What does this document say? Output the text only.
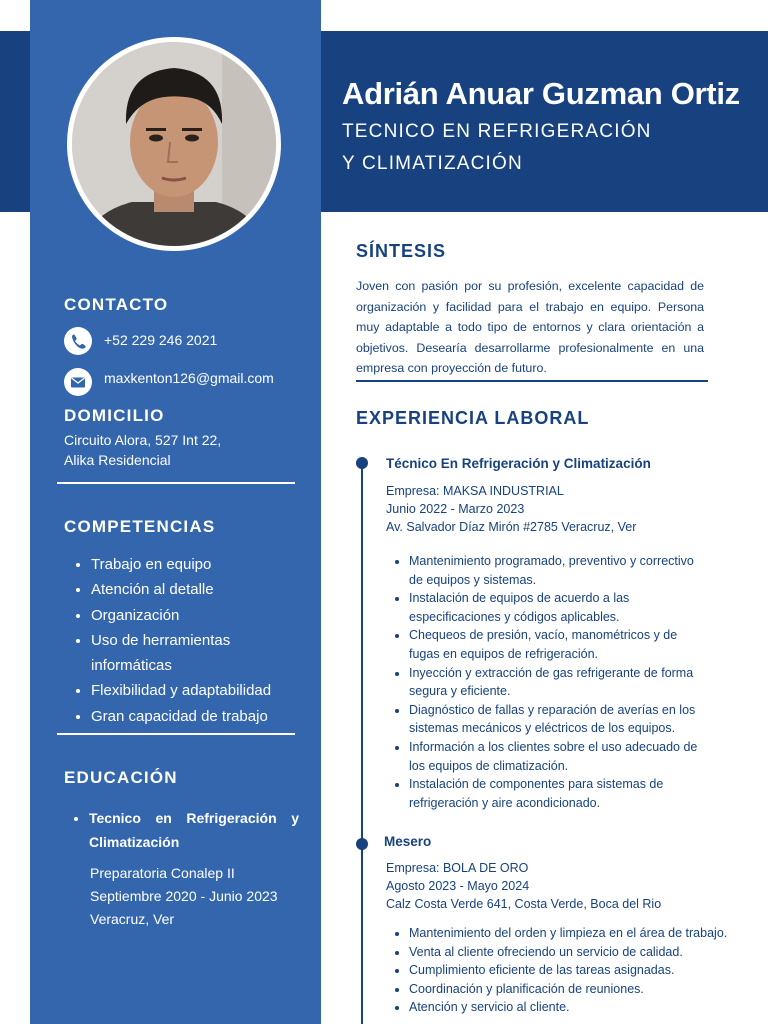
Adrián Anuar Guzman Ortiz
TECNICO EN REFRIGERACIÓN
Y CLIMATIZACIÓN
CONTACTO
+52 229 246 2021
maxkenton126@gmail.com
DOMICILIO
Circuito Alora, 527 Int 22,
Alika Residencial
COMPETENCIAS
• Trabajo en equipo
• Atención al detalle
• Organización
• Uso de herramientas informáticas
• Flexibilidad y adaptabilidad
• Gran capacidad de trabajo
EDUCACIÓN
• Tecnico en Refrigeración y Climatización
Preparatoria Conalep II
Septiembre 2020 - Junio 2023
Veracruz, Ver
SÍNTESIS
Joven con pasión por su profesión, excelente capacidad de organización y facilidad para el trabajo en equipo. Persona muy adaptable a todo tipo de entornos y clara orientación a objetivos. Desearía desarrollarme profesionalmente en una empresa con proyección de futuro.
EXPERIENCIA LABORAL
Técnico En Refrigeración y Climatización
Empresa: MAKSA INDUSTRIAL
Junio 2022 - Marzo 2023
Av. Salvador Díaz Mirón #2785 Veracruz, Ver
• Mantenimiento programado, preventivo y correctivo de equipos y sistemas.
• Instalación de equipos de acuerdo a las especificaciones y códigos aplicables.
• Chequeos de presión, vacío, manométricos y de fugas en equipos de refrigeración.
• Inyección y extracción de gas refrigerante de forma segura y eficiente.
• Diagnóstico de fallas y reparación de averías en los sistemas mecánicos y eléctricos de los equipos.
• Información a los clientes sobre el uso adecuado de los equipos de climatización.
• Instalación de componentes para sistemas de refrigeración y aire acondicionado.
Mesero
Empresa: BOLA DE ORO
Agosto 2023 - Mayo 2024
Calz Costa Verde 641, Costa Verde, Boca del Rio
• Mantenimiento del orden y limpieza en el área de trabajo.
• Venta al cliente ofreciendo un servicio de calidad.
• Cumplimiento eficiente de las tareas asignadas.
• Coordinación y planificación de reuniones.
• Atención y servicio al cliente.
